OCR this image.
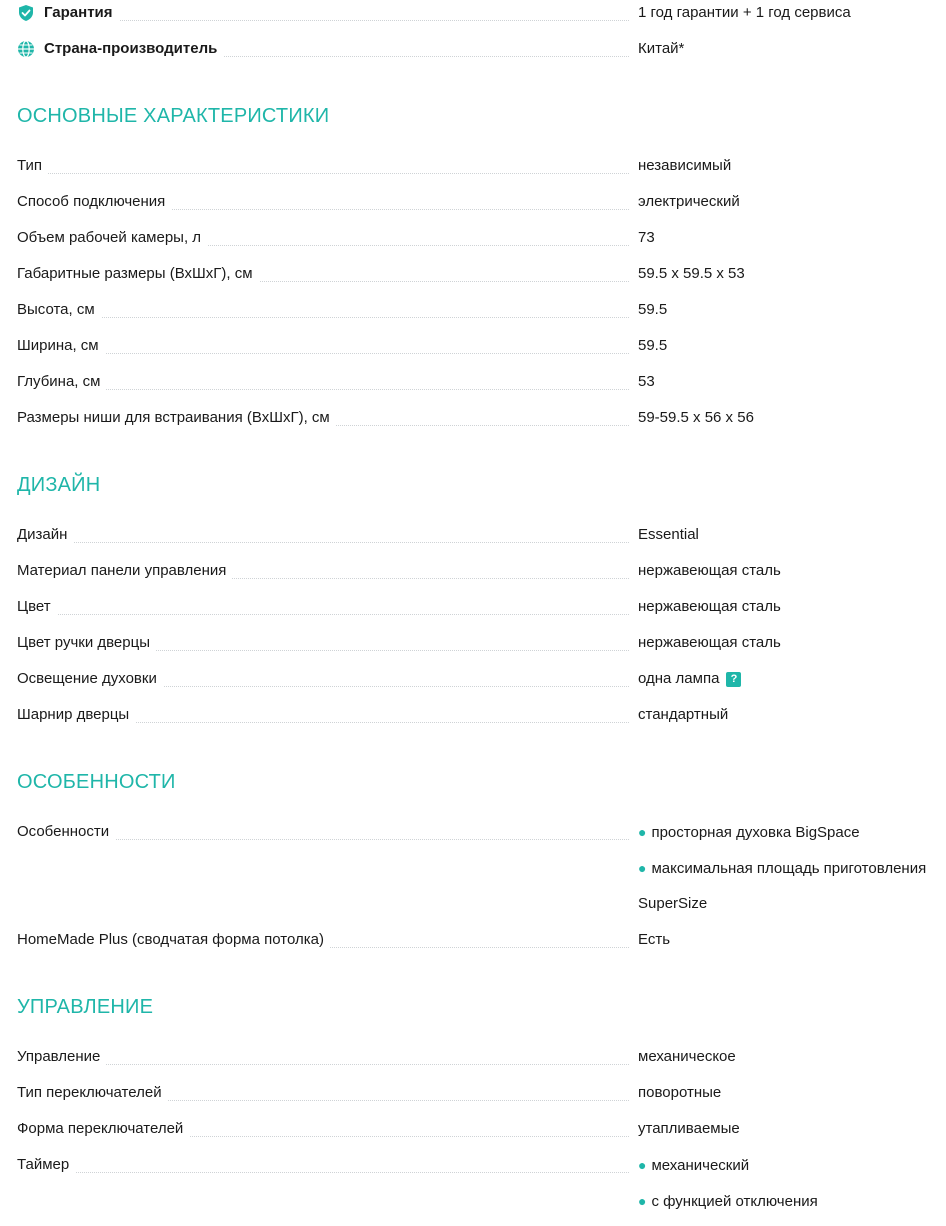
Гарантия	1 год гарантии + 1 год сервиса
Страна-производитель	Китай*
ОСНОВНЫЕ ХАРАКТЕРИСТИКИ
Тип	независимый
Способ подключения	электрический
Объем рабочей камеры, л	73
Габаритные размеры (ВхШхГ), см	59.5 x 59.5 x 53
Высота, см	59.5
Ширина, см	59.5
Глубина, см	53
Размеры ниши для встраивания (ВхШхГ), см	59-59.5 x 56 x 56
ДИЗАЙН
Дизайн	Essential
Материал панели управления	нержавеющая сталь
Цвет	нержавеющая сталь
Цвет ручки дверцы	нержавеющая сталь
Освещение духовки	одна лампа ?
Шарнир дверцы	стандартный
ОСОБЕННОСТИ
Особенности	● просторная духовка BigSpace
● максимальная площадь приготовления
SuperSize
HomeMade Plus (сводчатая форма потолка)	Есть
УПРАВЛЕНИЕ
Управление	механическое
Тип переключателей	поворотные
Форма переключателей	утапливаемые
Таймер	● механический
● с функцией отключения
